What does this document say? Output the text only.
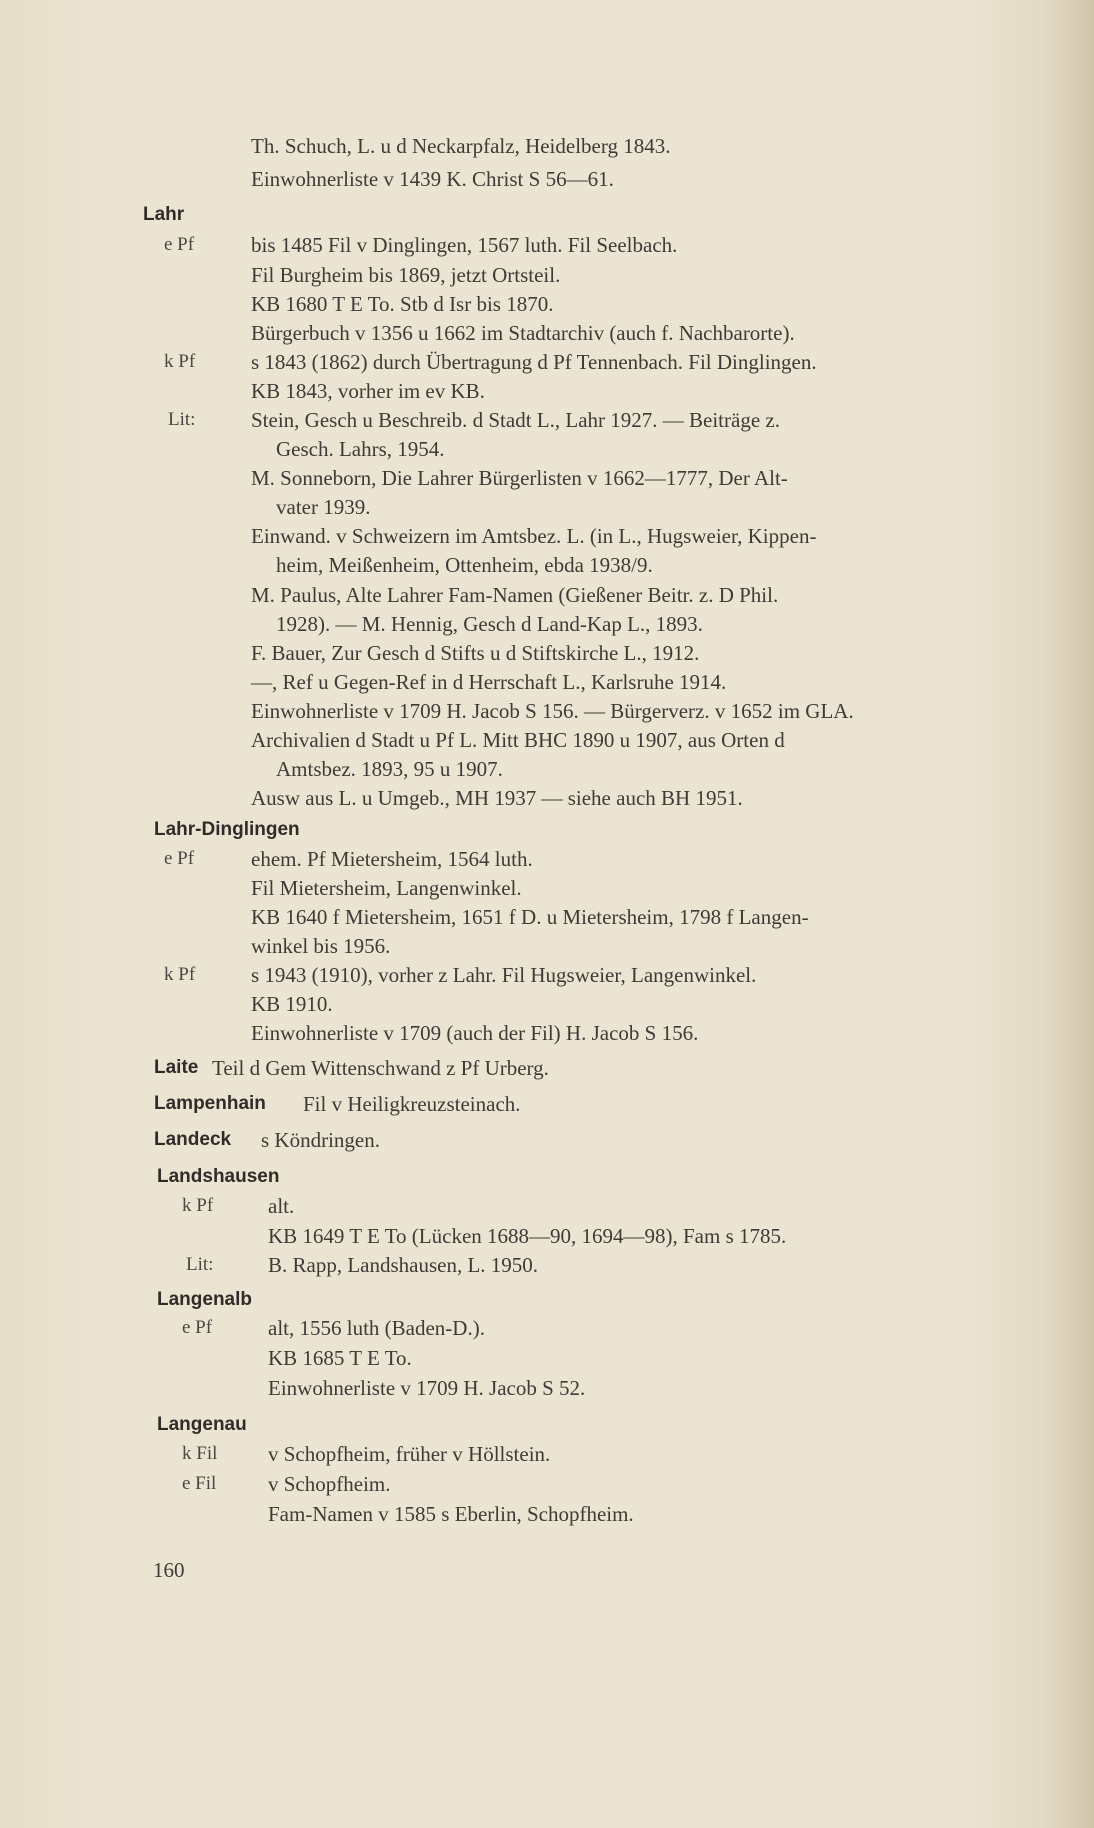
Th. Schuch, L. u d Neckarpfalz, Heidelberg 1843.
Einwohnerliste v 1439 K. Christ S 56—61.
Lahr
e Pf	bis 1485 Fil v Dinglingen, 1567 luth. Fil Seelbach.
Fil Burgheim bis 1869, jetzt Ortsteil.
KB 1680 T E To. Stb d Isr bis 1870.
Bürgerbuch v 1356 u 1662 im Stadtarchiv (auch f. Nachbarorte).
k Pf	s 1843 (1862) durch Übertragung d Pf Tennenbach. Fil Dinglingen.
KB 1843, vorher im ev KB.
Lit:	Stein, Gesch u Beschreib. d Stadt L., Lahr 1927. — Beiträge z.
Gesch. Lahrs, 1954.
M. Sonneborn, Die Lahrer Bürgerlisten v 1662—1777, Der Alt-
vater 1939.
Einwand. v Schweizern im Amtsbez. L. (in L., Hugsweier, Kippen-
heim, Meißenheim, Ottenheim, ebda 1938/9.
M. Paulus, Alte Lahrer Fam-Namen (Gießener Beitr. z. D Phil.
1928). — M. Hennig, Gesch d Land-Kap L., 1893.
F. Bauer, Zur Gesch d Stifts u d Stiftskirche L., 1912.
—, Ref u Gegen-Ref in d Herrschaft L., Karlsruhe 1914.
Einwohnerliste v 1709 H. Jacob S 156. — Bürgerverz. v 1652 im GLA.
Archivalien d Stadt u Pf L. Mitt BHC 1890 u 1907, aus Orten d
Amtsbez. 1893, 95 u 1907.
Ausw aus L. u Umgeb., MH 1937 — siehe auch BH 1951.
Lahr-Dinglingen
e Pf	ehem. Pf Mietersheim, 1564 luth.
Fil Mietersheim, Langenwinkel.
KB 1640 f Mietersheim, 1651 f D. u Mietersheim, 1798 f Langen-
winkel bis 1956.
k Pf	s 1943 (1910), vorher z Lahr. Fil Hugsweier, Langenwinkel.
KB 1910.
Einwohnerliste v 1709 (auch der Fil) H. Jacob S 156.
Laite Teil d Gem Wittenschwand z Pf Urberg.
Lampenhain Fil v Heiligkreuzsteinach.
Landeck s Köndringen.
Landshausen
k Pf	alt.
KB 1649 T E To (Lücken 1688—90, 1694—98), Fam s 1785.
Lit:	B. Rapp, Landshausen, L. 1950.
Langenalb
e Pf	alt, 1556 luth (Baden-D.).
KB 1685 T E To.
Einwohnerliste v 1709 H. Jacob S 52.
Langenau
k Fil v Schopfheim, früher v Höllstein.
e Fil v Schopfheim.
Fam-Namen v 1585 s Eberlin, Schopfheim.
160
